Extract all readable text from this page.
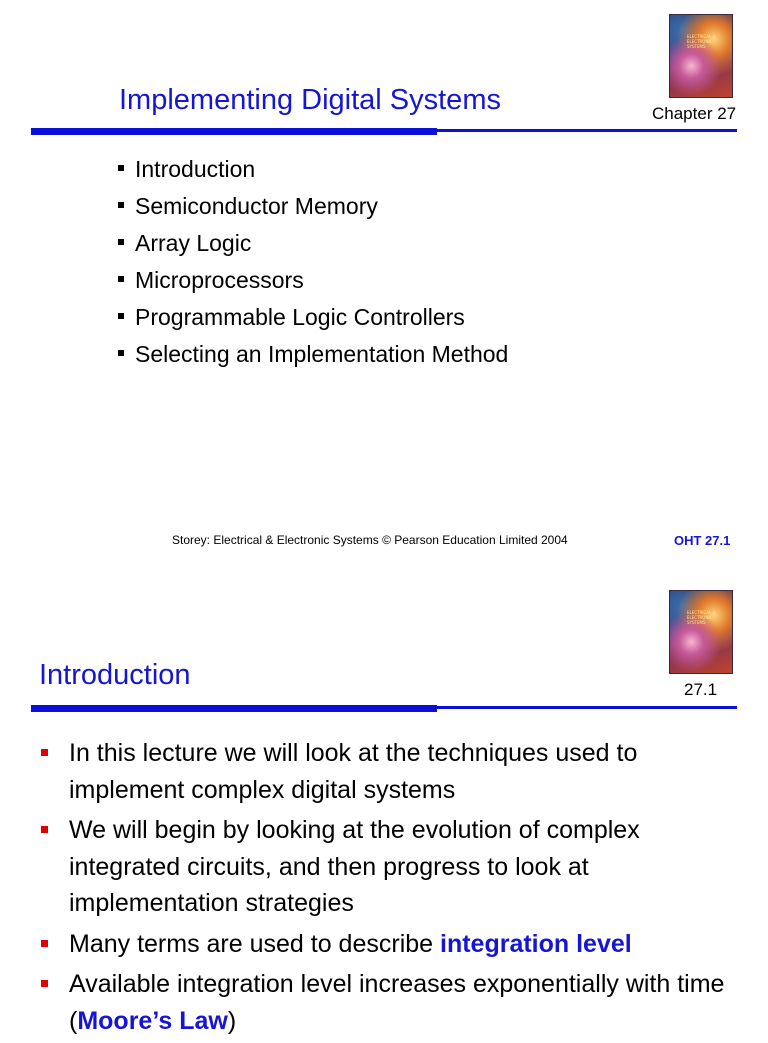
ELECTRICAL & ELECTRONIC SYSTEMS
Implementing Digital Systems	Chapter 27
Introduction
Semiconductor Memory
Array Logic
Microprocessors
Programmable Logic Controllers
Selecting an Implementation Method
Storey: Electrical & Electronic Systems © Pearson Education Limited 2004	OHT 27.1
ELECTRICAL & ELECTRONIC SYSTEMS
Introduction	27.1
In this lecture we will look at the techniques used to implement complex digital systems
We will begin by looking at the evolution of complex integrated circuits, and then progress to look at implementation strategies
Many terms are used to describe integration level
Available integration level increases exponentially with time (Moore’s Law)
